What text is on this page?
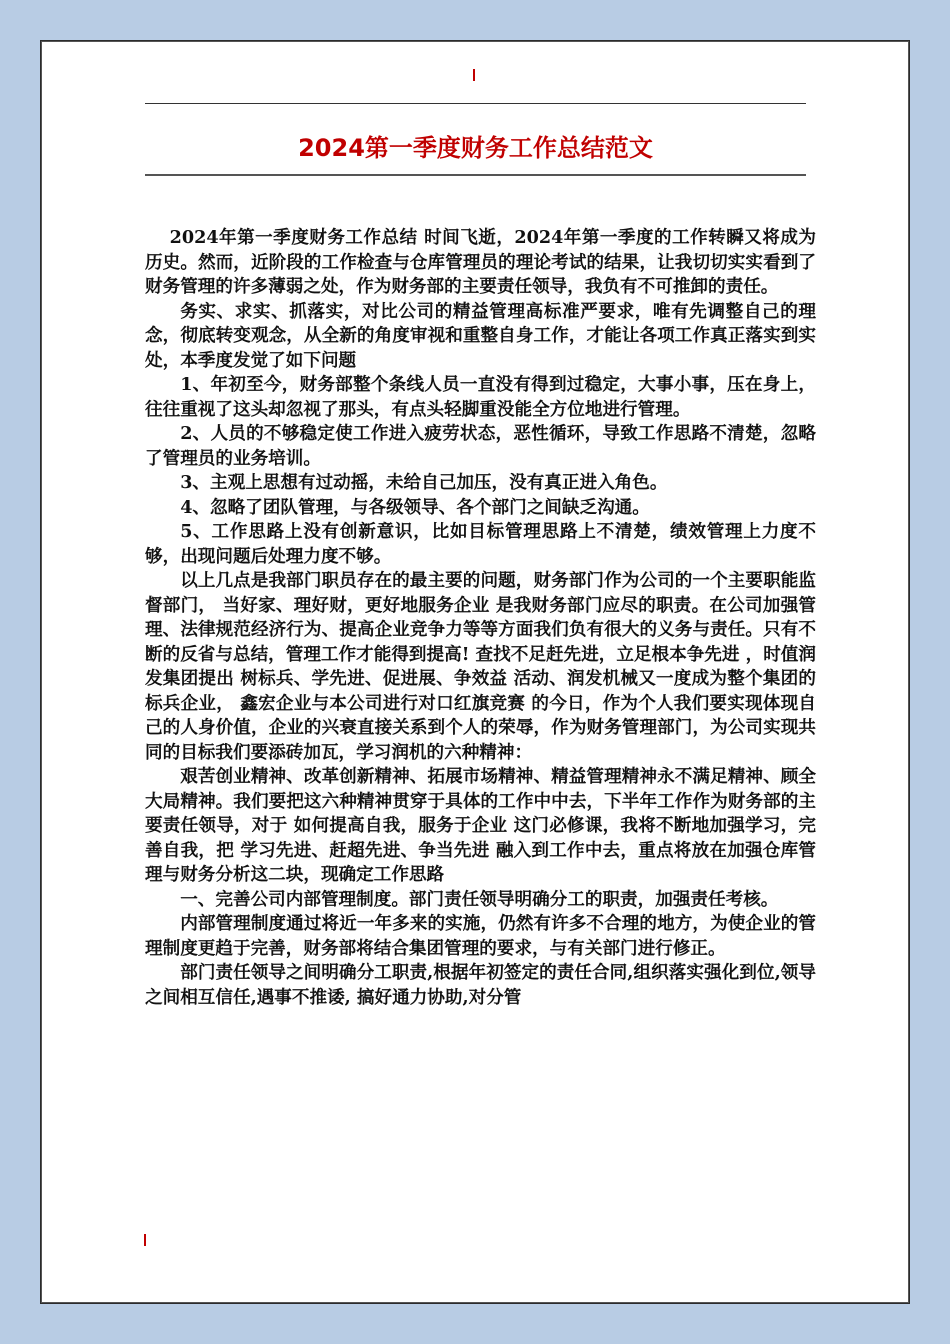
2024第一季度财务工作总结范文

2024年第一季度财务工作总结 时间飞逝，2024年第一季度的工作转瞬又将成为历史。然而，近阶段的工作检查与仓库管理员的理论考试的结果，让我切切实实看到了财务管理的许多薄弱之处，作为财务部的主要责任领导，我负有不可推卸的责任。

务实、求实、抓落实，对比公司的精益管理高标准严要求，唯有先调整自己的理念，彻底转变观念，从全新的角度审视和重整自身工作，才能让各项工作真正落实到实处，本季度发觉了如下问题

1、年初至今，财务部整个条线人员一直没有得到过稳定，大事小事，压在身上，往往重视了这头却忽视了那头，有点头轻脚重没能全方位地进行管理。

2、人员的不够稳定使工作进入疲劳状态，恶性循环，导致工作思路不清楚，忽略了管理员的业务培训。

3、主观上思想有过动摇，未给自己加压，没有真正进入角色。

4、忽略了团队管理，与各级领导、各个部门之间缺乏沟通。

5、工作思路上没有创新意识，比如目标管理思路上不清楚，绩效管理上力度不够，出现问题后处理力度不够。

以上几点是我部门职员存在的最主要的问题，财务部门作为公司的一个主要职能监督部门， 当好家、理好财，更好地服务企业 是我财务部门应尽的职责。在公司加强管理、法律规范经济行为、提高企业竞争力等等方面我们负有很大的义务与责任。只有不断的反省与总结，管理工作才能得到提高! 查找不足赶先进，立足根本争先进 ，时值润发集团提出 树标兵、学先进、促进展、争效益 活动、润发机械又一度成为整个集团的标兵企业， 鑫宏企业与本公司进行对口红旗竞赛 的今日，作为个人我们要实现体现自己的人身价值，企业的兴衰直接关系到个人的荣辱，作为财务管理部门，为公司实现共同的目标我们要添砖加瓦，学习润机的六种精神：

艰苦创业精神、改革创新精神、拓展市场精神、精益管理精神永不满足精神、顾全大局精神。我们要把这六种精神贯穿于具体的工作中中去，下半年工作作为财务部的主要责任领导，对于 如何提高自我，服务于企业 这门必修课，我将不断地加强学习，完善自我，把 学习先进、赶超先进、争当先进 融入到工作中去，重点将放在加强仓库管理与财务分析这二块，现确定工作思路

一、完善公司内部管理制度。部门责任领导明确分工的职责，加强责任考核。

内部管理制度通过将近一年多来的实施，仍然有许多不合理的地方，为使企业的管理制度更趋于完善，财务部将结合集团管理的要求，与有关部门进行修正。

部门责任领导之间明确分工职责,根据年初签定的责任合同,组织落实强化到位,领导之间相互信任,遇事不推诿, 搞好通力协助,对分管
